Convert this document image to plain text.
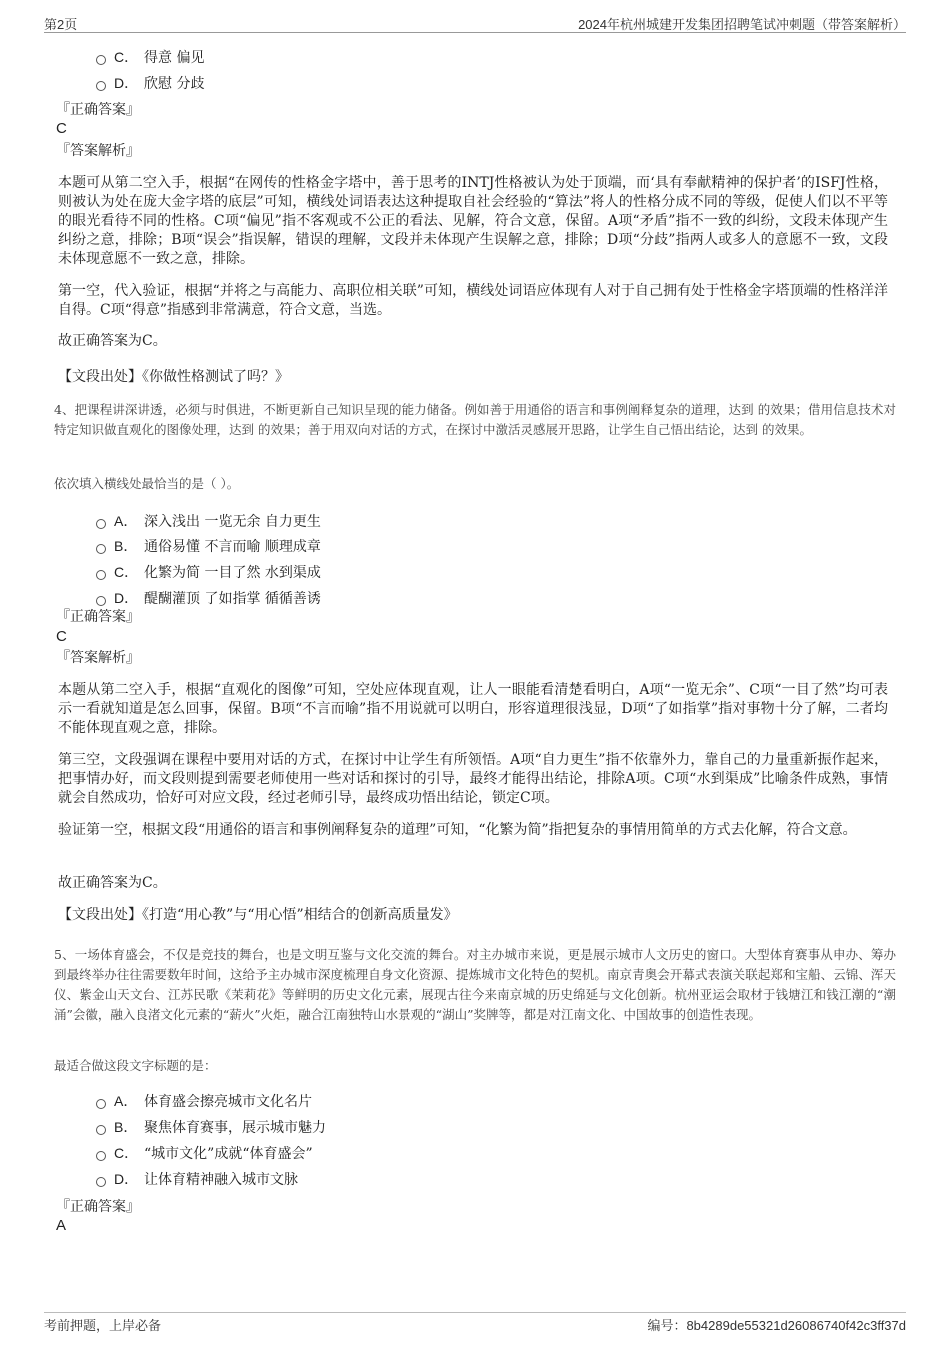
第2页	2024年杭州城建开发集团招聘笔试冲刺题（带答案解析）
C． 得意 偏见
D． 欣慰 分歧
『正确答案』
C
『答案解析』
本题可从第二空入手，根据“在网传的性格金字塔中，善于思考的INTJ性格被认为处于顶端，而‘具有奉献精神的保护者’的ISFJ性格，则被认为处在庞大金字塔的底层”可知，横线处词语表达这种提取自社会经验的“算法”将人的性格分成不同的等级，促使人们以不平等的眼光看待不同的性格。C项“偏见”指不客观或不公正的看法、见解，符合文意，保留。A项“矛盾”指不一致的纠纷，文段未体现产生纠纷之意，排除；B项“误会”指误解，错误的理解，文段并未体现产生误解之意，排除；D项“分歧”指两人或多人的意愿不一致，文段未体现意愿不一致之意，排除。
第一空，代入验证，根据“并将之与高能力、高职位相关联”可知，横线处词语应体现有人对于自己拥有处于性格金字塔顶端的性格洋洋自得。C项“得意”指感到非常满意，符合文意，当选。
故正确答案为C。
【文段出处】《你做性格测试了吗？》
4、把课程讲深讲透，必须与时俱进，不断更新自己知识呈现的能力储备。例如善于用通俗的语言和事例阐释复杂的道理，达到 的效果；借用信息技术对特定知识做直观化的图像处理，达到 的效果；善于用双向对话的方式，在探讨中激活灵感展开思路，让学生自己悟出结论，达到 的效果。
依次填入横线处最恰当的是（ ）。
A． 深入浅出 一览无余 自力更生
B． 通俗易懂 不言而喻 顺理成章
C． 化繁为简 一目了然 水到渠成
D． 醍醐灌顶 了如指掌 循循善诱
『正确答案』
C
『答案解析』
本题从第二空入手，根据“直观化的图像”可知，空处应体现直观，让人一眼能看清楚看明白，A项“一览无余”、C项“一目了然”均可表示一看就知道是怎么回事，保留。B项“不言而喻”指不用说就可以明白，形容道理很浅显，D项“了如指掌”指对事物十分了解，二者均不能体现直观之意，排除。
第三空，文段强调在课程中要用对话的方式，在探讨中让学生有所领悟。A项“自力更生”指不依靠外力，靠自己的力量重新振作起来，把事情办好，而文段则提到需要老师使用一些对话和探讨的引导，最终才能得出结论，排除A项。C项“水到渠成”比喻条件成熟，事情就会自然成功，恰好可对应文段，经过老师引导，最终成功悟出结论，锁定C项。
验证第一空，根据文段“用通俗的语言和事例阐释复杂的道理”可知，“化繁为简”指把复杂的事情用简单的方式去化解，符合文意。
故正确答案为C。
【文段出处】《打造“用心教”与“用心悟”相结合的创新高质量发》
5、一场体育盛会，不仅是竞技的舞台，也是文明互鉴与文化交流的舞台。对主办城市来说，更是展示城市人文历史的窗口。大型体育赛事从申办、筹办到最终举办往往需要数年时间，这给予主办城市深度梳理自身文化资源、提炼城市文化特色的契机。南京青奥会开幕式表演关联起郑和宝船、云锦、浑天仪、紫金山天文台、江苏民歌《茉莉花》等鲜明的历史文化元素，展现古往今来南京城的历史绵延与文化创新。杭州亚运会取材于钱塘江和钱江潮的“潮涌”会徽，融入良渚文化元素的“薪火”火炬，融合江南独特山水景观的“湖山”奖牌等，都是对江南文化、中国故事的创造性表现。
最适合做这段文字标题的是：
A． 体育盛会擦亮城市文化名片
B． 聚焦体育赛事，展示城市魅力
C． “城市文化”成就“体育盛会”
D． 让体育精神融入城市文脉
『正确答案』
A
考前押题，上岸必备	编号：8b4289de55321d26086740f42c3ff37d
